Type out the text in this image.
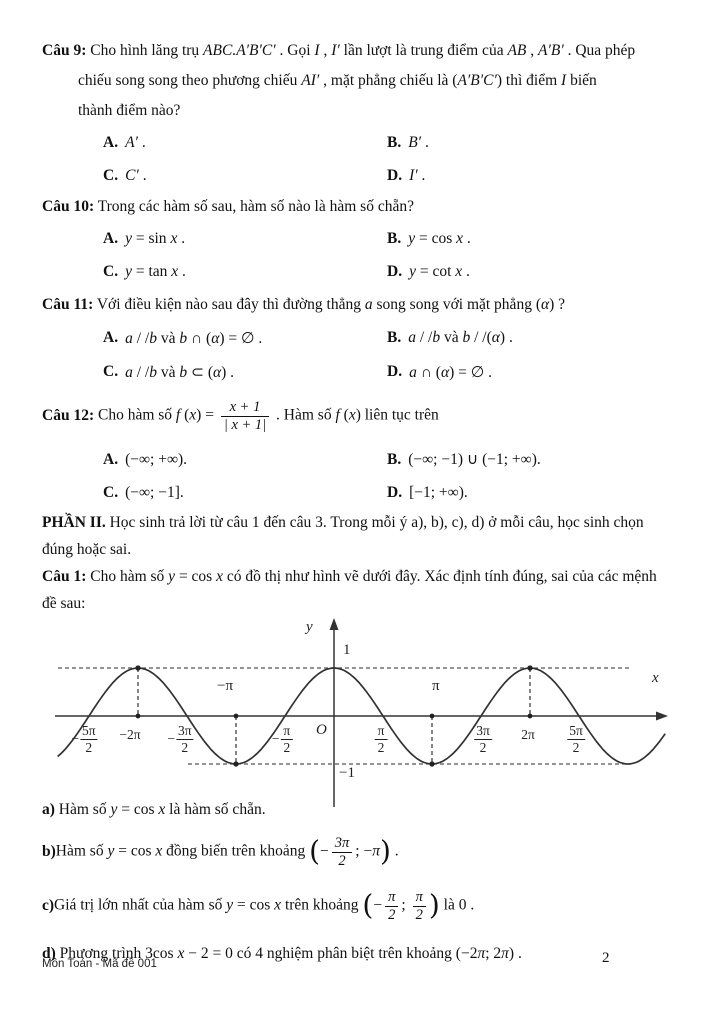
Câu 9: Cho hình lăng trụ ABC.A′B′C′ . Gọi I , I′ lần lượt là trung điểm của AB , A′B′ . Qua phép

chiếu song song theo phương chiếu AI′ , mặt phẳng chiếu là (A′B′C′) thì điểm I biến

thành điểm nào?

A. A′ .	B. B′ .
C. C′ .	D. I′ .

Câu 10: Trong các hàm số sau, hàm số nào là hàm số chẵn?

A. y = sin x .	B. y = cos x .
C. y = tan x .	D. y = cot x .

Câu 11: Với điều kiện nào sau đây thì đường thẳng a song song với mặt phẳng (α) ?

A. a / /b và b ∩ (α) = ∅ .	B. a / /b và b / /(α) .
C. a / /b và b ⊂ (α) .	D. a ∩ (α) = ∅ .
Câu 12:
Cho hàm số f $(x) = \frac{x + 1}{| x + 1|}$ . Hàm số f (x) liên tục trên
A. (−∞; +∞).	B. (−∞; −1) ∪ (−1; +∞).
C. (−∞; −1].	D. [−1; +∞).

PHẦN II. Học sinh trả lời từ câu 1 đến câu 3. Trong mỗi ý a), b), c), d) ở mỗi câu, học sinh chọn

đúng hoặc sai.

Câu 1: Cho hàm số y = cos x có đồ thị như hình vẽ dưới đây. Xác định tính đúng, sai của các mệnh

đề sau:

y
1
−1
x
O
−π	π
−2π	2π
− $\frac{5\pi}{2}$	− $\frac{3\pi}{2}$	− $\frac{\pi}{2}$	$\frac{\pi}{2}$	$\frac{3\pi}{2}$	$\frac{5\pi}{2}$

a) Hàm số y = cos x là hàm số chẵn.

b) Hàm số y = cos x đồng biến trên khoảng (− $\frac{3\pi}{2}$ ; −π) .
c) Giá trị lớn nhất của hàm số y = cos x trên khoảng (− $\frac{\pi}{2}$ ; $\frac{\pi}{2}$ ) là 0 .

d) Phương trình 3cos x − 2 = 0 có 4 nghiệm phân biệt trên khoảng (−2π; 2π) .

Môn Toán - Mã đề 001	2
